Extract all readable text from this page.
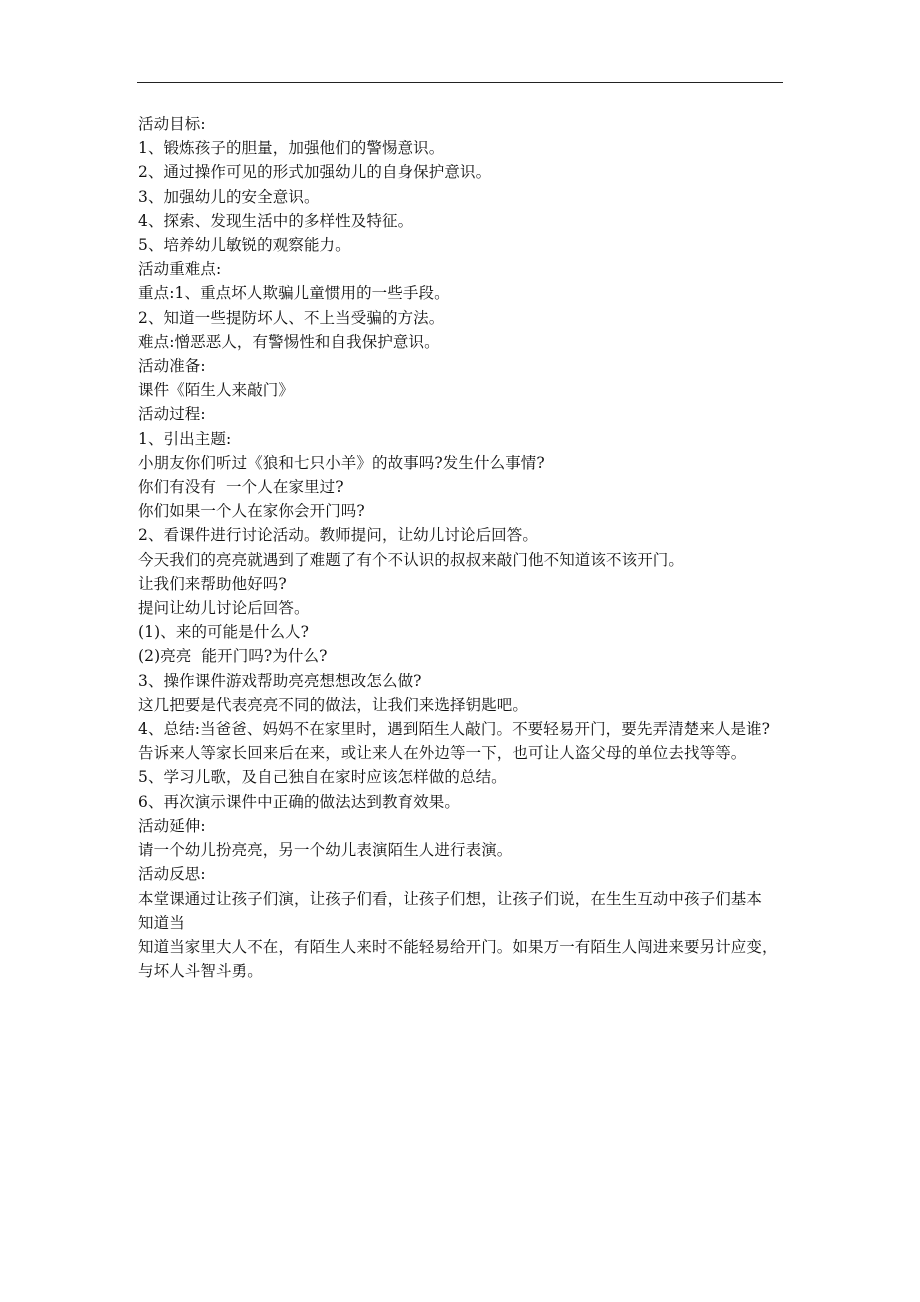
活动目标:

1、锻炼孩子的胆量，加强他们的警惕意识。

2、通过操作可见的形式加强幼儿的自身保护意识。

3、加强幼儿的安全意识。

4、探索、发现生活中的多样性及特征。

5、培养幼儿敏锐的观察能力。

活动重难点:

重点:1、重点坏人欺骗儿童惯用的一些手段。

2、知道一些提防坏人、不上当受骗的方法。

难点:憎恶恶人，有警惕性和自我保护意识。

活动准备:

课件《陌生人来敲门》

活动过程:

1、引出主题:

小朋友你们听过《狼和七只小羊》的故事吗?发生什么事情?

你们有没有  一个人在家里过?

你们如果一个人在家你会开门吗?

2、看课件进行讨论活动。教师提问，让幼儿讨论后回答。

今天我们的亮亮就遇到了难题了有个不认识的叔叔来敲门他不知道该不该开门。

让我们来帮助他好吗?

提问让幼儿讨论后回答。

(1)、来的可能是什么人?

(2)亮亮  能开门吗?为什么?

3、操作课件游戏帮助亮亮想想改怎么做?

这几把要是代表亮亮不同的做法，让我们来选择钥匙吧。

4、总结:当爸爸、妈妈不在家里时，遇到陌生人敲门。不要轻易开门，要先弄清楚来人是谁?

告诉来人等家长回来后在来，或让来人在外边等一下，也可让人盗父母的单位去找等等。

5、学习儿歌，及自己独自在家时应该怎样做的总结。

6、再次演示课件中正确的做法达到教育效果。

活动延伸:

请一个幼儿扮亮亮，另一个幼儿表演陌生人进行表演。

活动反思:

本堂课通过让孩子们演，让孩子们看，让孩子们想，让孩子们说，在生生互动中孩子们基本

知道当

知道当家里大人不在，有陌生人来时不能轻易给开门。如果万一有陌生人闯进来要另计应变，

与坏人斗智斗勇。
